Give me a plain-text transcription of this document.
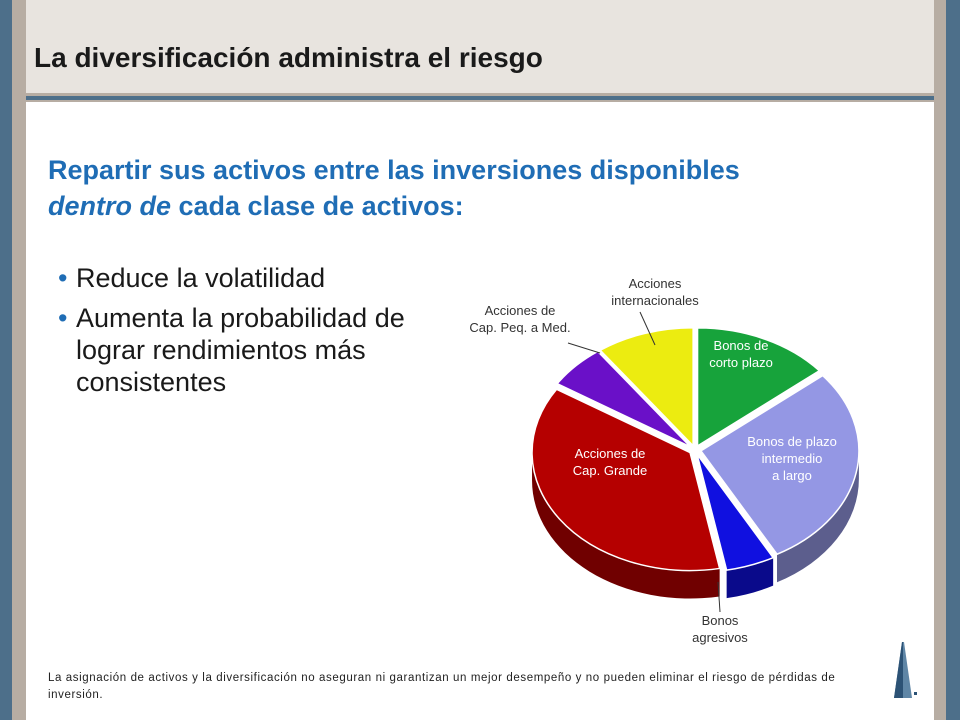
La diversificación administra el riesgo
Repartir sus activos entre las inversiones disponibles dentro de cada clase de activos:
• Reduce la volatilidad
• Aumenta la probabilidad de lograr rendimientos más consistentes
Bonos de corto plazo
Bonos de plazo intermedio a largo
Bonos agresivos
Acciones de Cap. Grande
Acciones de Cap. Peq. a Med.
Acciones internacionales
La asignación de activos y la diversificación no aseguran ni garantizan un mejor desempeño y no pueden eliminar el riesgo de pérdidas de inversión.
